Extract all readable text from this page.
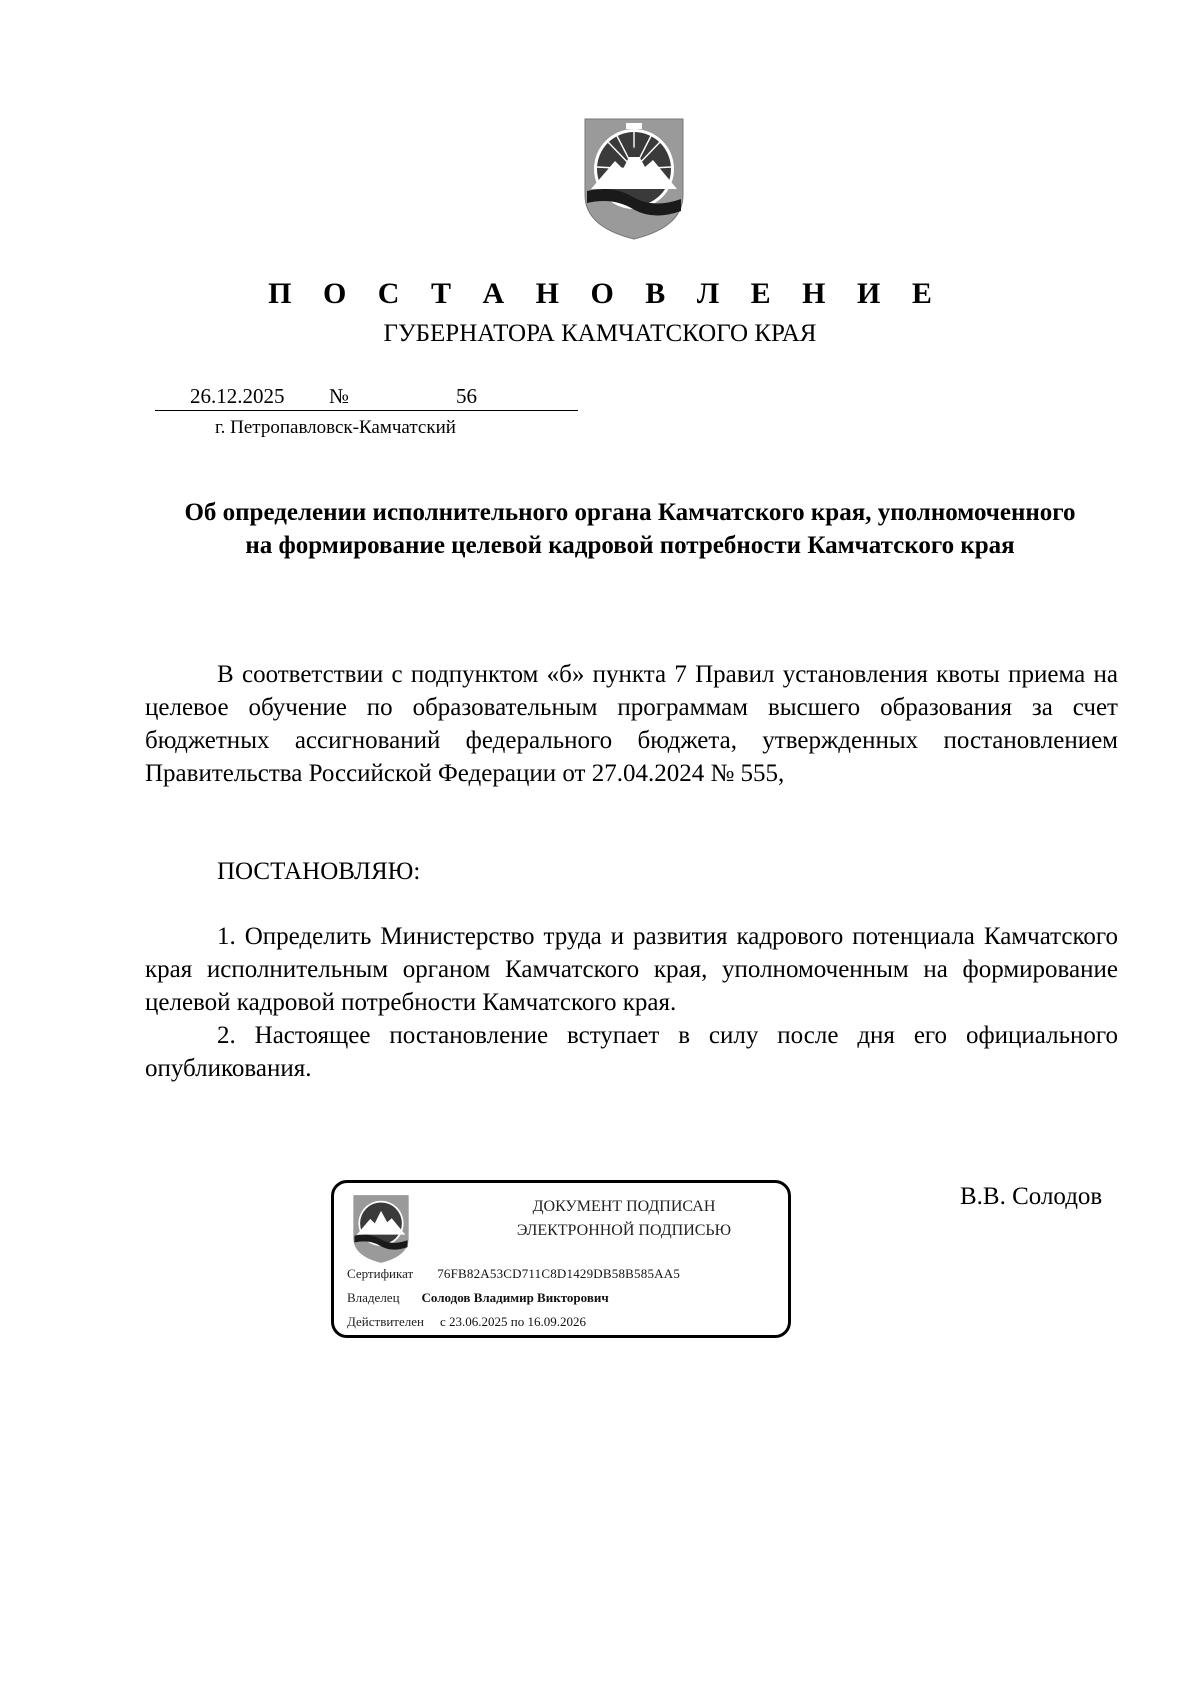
П О С Т А Н О В Л Е Н И Е
ГУБЕРНАТОРА КАМЧАТСКОГО КРАЯ
26.12.2025 №	56
г. Петропавловск-Камчатский
Об определении исполнительного органа Камчатского края, уполномоченного на формирование целевой кадровой потребности Камчатского края
В соответствии с подпунктом «б» пункта 7 Правил установления квоты приема на целевое обучение по образовательным программам высшего образования за счет бюджетных ассигнований федерального бюджета, утвержденных постановлением Правительства Российской Федерации от 27.04.2024 № 555,
ПОСТАНОВЛЯЮ:
1. Определить Министерство труда и развития кадрового потенциала Камчатского края исполнительным органом Камчатского края, уполномоченным на формирование целевой кадровой потребности Камчатского края.
2. Настоящее постановление вступает в силу после дня его официального опубликования.
В.В. Солодов
ДОКУМЕНТ ПОДПИСАН
ЭЛЕКТРОННОЙ ПОДПИСЬЮ
Сертификат 76FB82A53CD711C8D1429DB58B585AA5
Владелец Солодов Владимир Викторович
Действителен с 23.06.2025 по 16.09.2026
